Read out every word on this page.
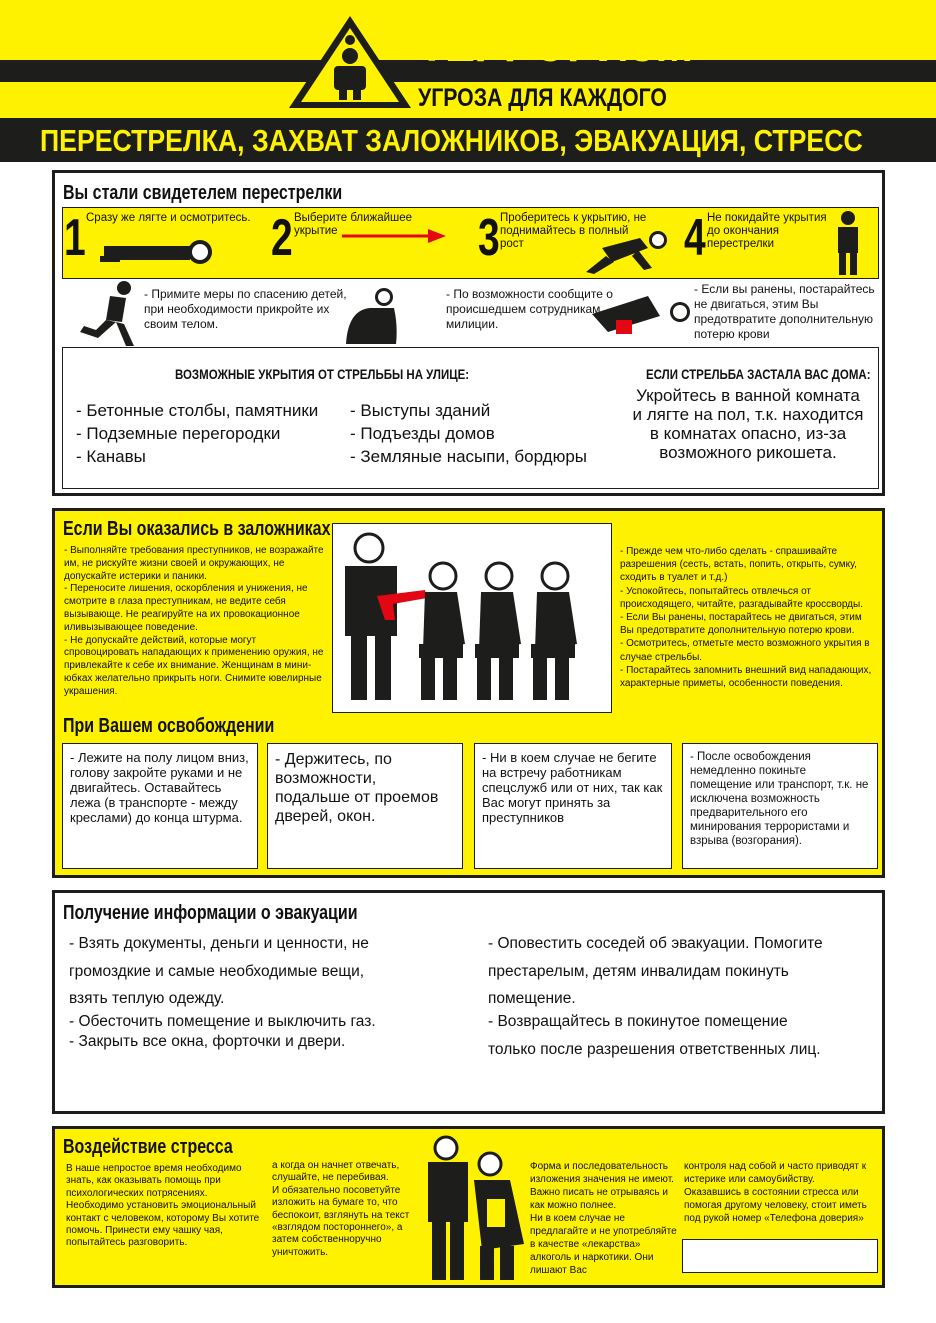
ТЕРРОРИЗМ
УГРОЗА ДЛЯ КАЖДОГО
ПЕРЕСТРЕЛКА, ЗАХВАТ ЗАЛОЖНИКОВ, ЭВАКУАЦИЯ, СТРЕСС
Вы стали свидетелем перестрелки
1 Сразу же лягте и осмотритесь. 2 Выберите ближайшее укрытие	3 Проберитесь к укрытию, не поднимайтесь в полный рост	4 Не покидайте укрытия до окончания перестрелки
- Примите меры по спасению детей, при необходимости прикройте их своим телом.
- По возможности сообщите о происшедшем сотрудникам милиции.
- Если вы ранены, постарайтесь не двигаться, этим Вы предотвратите дополнительную потерю крови
ВОЗМОЖНЫЕ УКРЫТИЯ ОТ СТРЕЛЬБЫ НА УЛИЦЕ:
- Бетонные столбы, памятники
- Подземные перегородки
- Канавы
- Выступы зданий
- Подъезды домов
- Земляные насыпи, бордюры
ЕСЛИ СТРЕЛЬБА ЗАСТАЛА ВАС ДОМА:
Укройтесь в ванной комната и лягте на пол, т.к. находится в комнатах опасно, из-за возможного рикошета.
Если Вы оказались в заложниках
- Выполняйте требования преступников, не возражайте им, не рискуйте жизни своей и окружающих, не допускайте истерики и паники.
- Переносите лишения, оскорбления и унижения, не смотрите в глаза преступникам, не ведите себя вызывающе. Не реагируйте на их провокационное иливызывающее поведение.
- Не допускайте действий, которые могут спровоцировать нападающих к применению оружия, не привлекайте к себе их внимание. Женщинам в мини-юбках желательно прикрыть ноги. Снимите ювелирные украшения.
- Прежде чем что-либо сделать - спрашивайте разрешения (сесть, встать, попить, открыть, сумку, сходить в туалет и т.д.)
- Успокойтесь, попытайтесь отвлечься от происходящего, читайте, разгадывайте кроссворды.
- Если Вы ранены, постарайтесь не двигаться, этим Вы предотвратите дополнительную потерю крови.
- Осмотритесь, отметьте место возможного укрытия в случае стрельбы.
- Постарайтесь запомнить внешний вид нападающих, характерные приметы, особенности поведения.
При Вашем освобождении
- Лежите на полу лицом вниз, голову закройте руками и не двигайтесь. Оставайтесь лежа (в транспорте - между креслами) до конца штурма.
- Держитесь, по возможности, подальше от проемов дверей, окон.
- Ни в коем случае не бегите на встречу работникам спецслужб или от них, так как Вас могут принять за преступников
- После освобождения немедленно покиньте помещение или транспорт, т.к. не исключена возможность предварительного его минирования террористами и взрыва (возгорания).
Получение информации о эвакуации
- Взять документы, деньги и ценности, не
громоздкие и самые необходимые вещи,
взять теплую одежду.
- Обесточить помещение и выключить газ.
- Закрыть все окна, форточки и двери.
- Оповестить соседей об эвакуации. Помогите
престарелым, детям инвалидам покинуть
помещение.
- Возвращайтесь в покинутое помещение
только после разрешения ответственных лиц.
Воздействие стресса
В наше непростое время необходимо знать, как оказывать помощь при психологических потрясениях.
Необходимо установить эмоциональный контакт с человеком, которому Вы хотите помочь. Принести ему чашку чая, попытайтесь разговорить.
а когда он начнет отвечать, слушайте, не перебивая.
И обязательно посоветуйте изложить на бумаге то, что беспокоит, взглянуть на текст «взглядом постороннего», а затем собственноручно уничтожить.
Форма и последовательность изложения значения не имеют. Важно писать не отрываясь и как можно полнее.
Ни в коем случае не предлагайте и не употребляйте в качестве «лекарства» алкоголь и наркотики. Они лишают Вас
контроля над собой и часто приводят к истерике или самоубийству.
Оказавшись в состоянии стресса или помогая другому человеку, стоит иметь под рукой номер «Телефона доверия»
